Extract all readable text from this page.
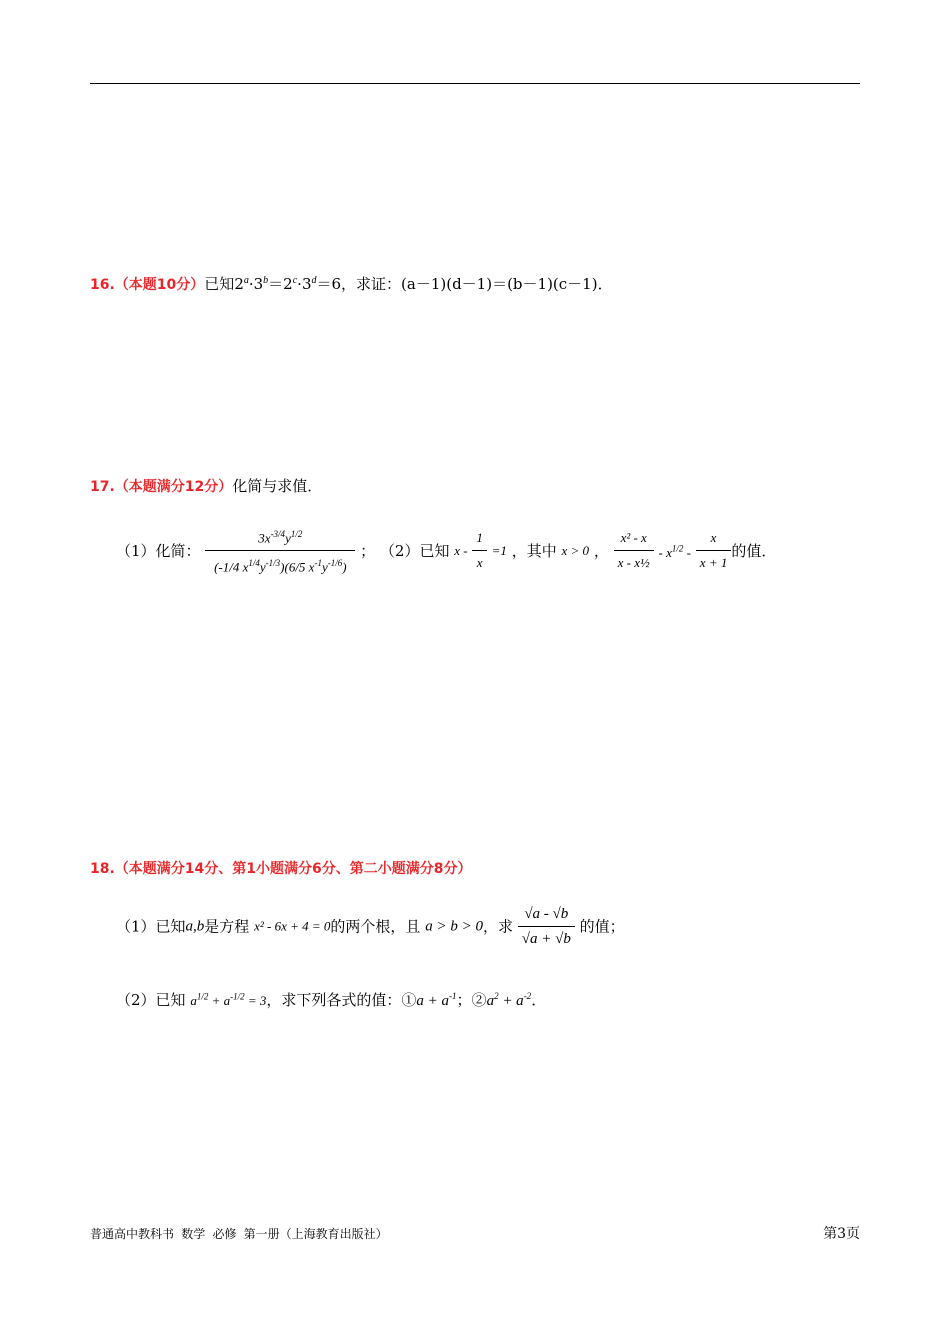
16.（本题10分）已知$2^a\cdot 3^b=2^c\cdot 3^d=6$，求证：(a－1)(d－1)＝(b－1)(c－1)．
17.（本题满分12分）化简与求值．
（1）化简： $\frac{3x^{-3/4}y^{1/2}}{(-1/4 x^{1/4}y^{-1/3})(6/5 x^{-1}y^{-1/6})}$ ； （2）已知 $x - \frac{1}{x} =1$ ，其中 x > 0 ， $\frac{\text{x² - x}}{\text{x - x½}} - x^{1/2} - \frac{x}{x + 1}$ 的值．
18.（本题满分14分、第1小题满分6分、第二小题满分8分）
（1）已知a,b是方程 x² - 6x + 4 = 0的两个根，且 a > b > 0，求 $\frac{√a - √b}{√a + √b}$ 的值；
（2）已知 $a^{1/2} + a^{-1/2} = 3$，求下列各式的值：①a + $a^{-1}$；$②a^2 + a^{-2}$．
普通高中教科书 数学 必修 第一册（上海教育出版社）	第3页
